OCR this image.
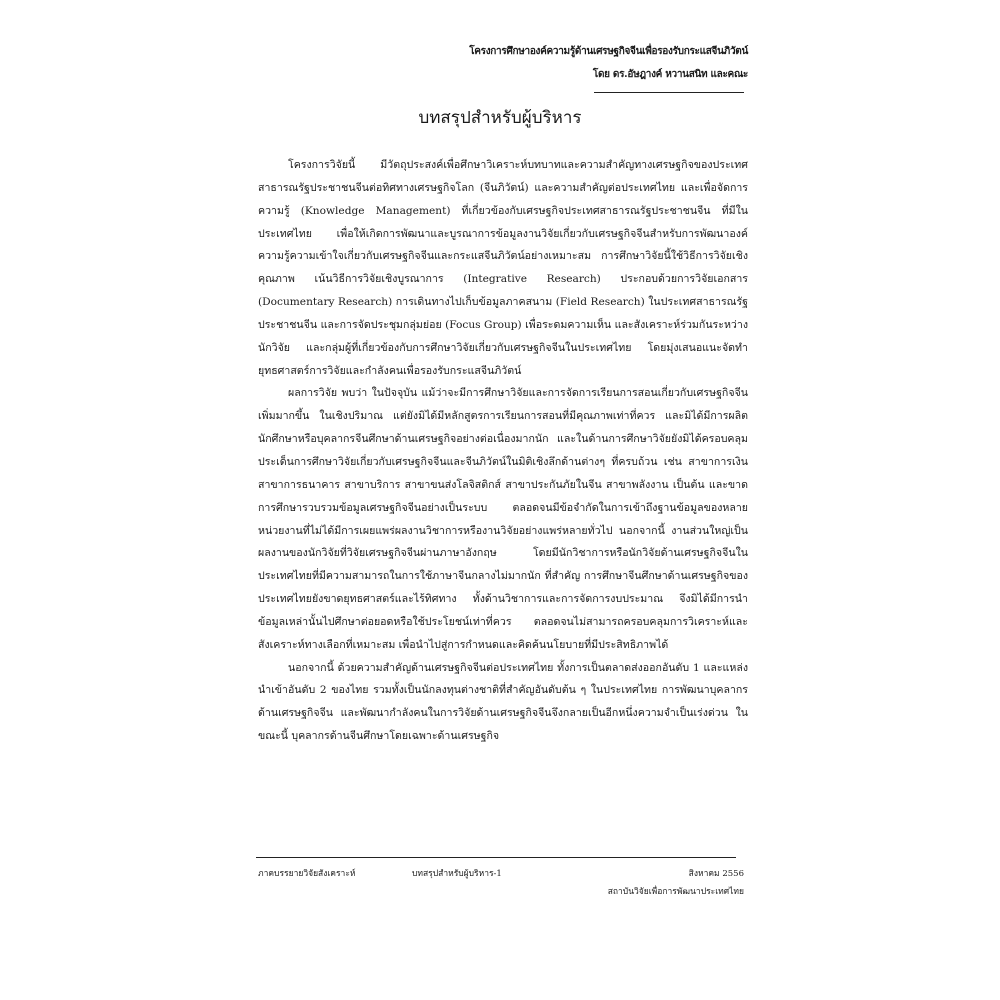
โครงการศึกษาองค์ความรู้ด้านเศรษฐกิจจีนเพื่อรองรับกระแสจีนภิวัตน์
โดย ดร.อัษฎางค์ หวานสนิท และคณะ
บทสรุปสำหรับผู้บริหาร

โครงการวิจัยนี้ มีวัตถุประสงค์เพื่อศึกษาวิเคราะห์บทบาทและความสำคัญทางเศรษฐกิจของประเทศสาธารณรัฐประชาชนจีนต่อทิศทางเศรษฐกิจโลก (จีนภิวัตน์) และความสำคัญต่อประเทศไทย และเพื่อจัดการความรู้ (Knowledge Management) ที่เกี่ยวข้องกับเศรษฐกิจประเทศสาธารณรัฐประชาชนจีน ที่มีในประเทศไทย เพื่อให้เกิดการพัฒนาและบูรณาการข้อมูลงานวิจัยเกี่ยวกับเศรษฐกิจจีนสำหรับการพัฒนาองค์ความรู้ความเข้าใจเกี่ยวกับเศรษฐกิจจีนและกระแสจีนภิวัตน์อย่างเหมาะสม การศึกษาวิจัยนี้ใช้วิธีการวิจัยเชิงคุณภาพ เน้นวิธีการวิจัยเชิงบูรณาการ (Integrative Research) ประกอบด้วยการวิจัยเอกสาร (Documentary Research) การเดินทางไปเก็บข้อมูลภาคสนาม (Field Research) ในประเทศสาธารณรัฐประชาชนจีน และการจัดประชุมกลุ่มย่อย (Focus Group) เพื่อระดมความเห็น และสังเคราะห์ร่วมกันระหว่างนักวิจัย และกลุ่มผู้ที่เกี่ยวข้องกับการศึกษาวิจัยเกี่ยวกับเศรษฐกิจจีนในประเทศไทย โดยมุ่งเสนอแนะจัดทำยุทธศาสตร์การวิจัยและกำลังคนเพื่อรองรับกระแสจีนภิวัตน์

ผลการวิจัย พบว่า ในปัจจุบัน แม้ว่าจะมีการศึกษาวิจัยและการจัดการเรียนการสอนเกี่ยวกับเศรษฐกิจจีนเพิ่มมากขึ้น ในเชิงปริมาณ แต่ยังมิได้มีหลักสูตรการเรียนการสอนที่มีคุณภาพเท่าที่ควร และมิได้มีการผลิตนักศึกษาหรือบุคลากรจีนศึกษาด้านเศรษฐกิจอย่างต่อเนื่องมากนัก และในด้านการศึกษาวิจัยยังมิได้ครอบคลุมประเด็นการศึกษาวิจัยเกี่ยวกับเศรษฐกิจจีนและจีนภิวัตน์ในมิติเชิงลึกด้านต่างๆ ที่ครบถ้วน เช่น สาขาการเงิน สาขาการธนาคาร สาขาบริการ สาขาขนส่งโลจิสติกส์ สาขาประกันภัยในจีน สาขาพลังงาน เป็นต้น และขาดการศึกษารวบรวมข้อมูลเศรษฐกิจจีนอย่างเป็นระบบ ตลอดจนมีข้อจำกัดในการเข้าถึงฐานข้อมูลของหลายหน่วยงานที่ไม่ได้มีการเผยแพร่ผลงานวิชาการหรืองานวิจัยอย่างแพร่หลายทั่วไป นอกจากนี้ งานส่วนใหญ่เป็นผลงานของนักวิจัยที่วิจัยเศรษฐกิจจีนผ่านภาษาอังกฤษ โดยมีนักวิชาการหรือนักวิจัยด้านเศรษฐกิจจีนในประเทศไทยที่มีความสามารถในการใช้ภาษาจีนกลางไม่มากนัก ที่สำคัญ การศึกษาจีนศึกษาด้านเศรษฐกิจของประเทศไทยยังขาดยุทธศาสตร์และไร้ทิศทาง ทั้งด้านวิชาการและการจัดการงบประมาณ จึงมิได้มีการนำข้อมูลเหล่านั้นไปศึกษาต่อยอดหรือใช้ประโยชน์เท่าที่ควร ตลอดจนไม่สามารถครอบคลุมการวิเคราะห์และสังเคราะห์ทางเลือกที่เหมาะสม เพื่อนำไปสู่การกำหนดและคิดค้นนโยบายที่มีประสิทธิภาพได้

นอกจากนี้ ด้วยความสำคัญด้านเศรษฐกิจจีนต่อประเทศไทย ทั้งการเป็นตลาดส่งออกอันดับ 1 และแหล่งนำเข้าอันดับ 2 ของไทย รวมทั้งเป็นนักลงทุนต่างชาติที่สำคัญอันดับต้น ๆ ในประเทศไทย การพัฒนาบุคลากรด้านเศรษฐกิจจีน และพัฒนากำลังคนในการวิจัยด้านเศรษฐกิจจีนจึงกลายเป็นอีกหนึ่งความจำเป็นเร่งด่วน ในขณะนี้ บุคลากรด้านจีนศึกษาโดยเฉพาะด้านเศรษฐกิจ

ภาคบรรยายวิจัยสังเคราะห์	บทสรุปสำหรับผู้บริหาร-1	สิงหาคม 2556
สถาบันวิจัยเพื่อการพัฒนาประเทศไทย
